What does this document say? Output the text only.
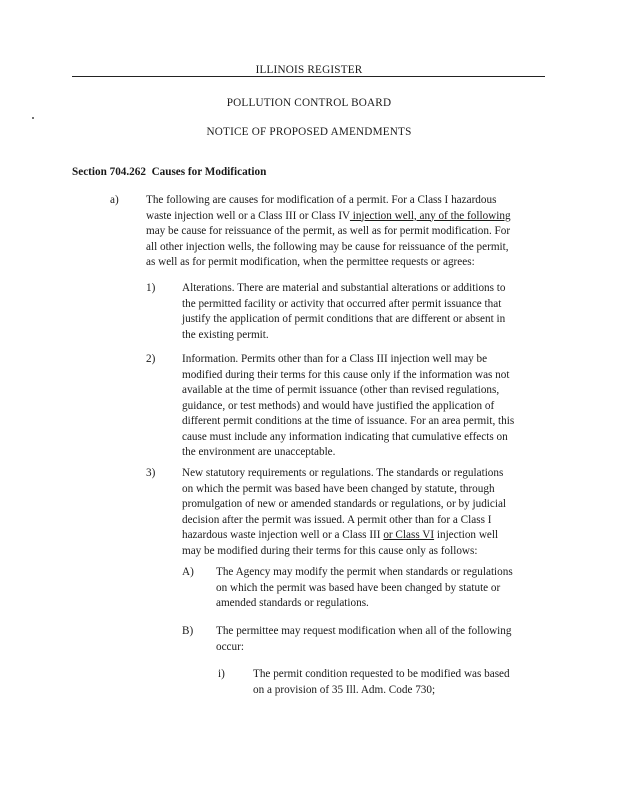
ILLINOIS REGISTER
POLLUTION CONTROL BOARD
NOTICE OF PROPOSED AMENDMENTS
Section 704.262 Causes for Modification
a) The following are causes for modification of a permit. For a Class I hazardous
waste injection well or a Class III or Class IV injection well, any of the following
may be cause for reissuance of the permit, as well as for permit modification. For
all other injection wells, the following may be cause for reissuance of the permit,
as well as for permit modification, when the permittee requests or agrees:
1) Alterations. There are material and substantial alterations or additions to
the permitted facility or activity that occurred after permit issuance that
justify the application of permit conditions that are different or absent in
the existing permit.
2) Information. Permits other than for a Class III injection well may be
modified during their terms for this cause only if the information was not
available at the time of permit issuance (other than revised regulations,
guidance, or test methods) and would have justified the application of
different permit conditions at the time of issuance. For an area permit, this
cause must include any information indicating that cumulative effects on
the environment are unacceptable.
3) New statutory requirements or regulations. The standards or regulations
on which the permit was based have been changed by statute, through
promulgation of new or amended standards or regulations, or by judicial
decision after the permit was issued. A permit other than for a Class I
hazardous waste injection well or a Class III or Class VI injection well
may be modified during their terms for this cause only as follows:
A) The Agency may modify the permit when standards or regulations
on which the permit was based have been changed by statute or
amended standards or regulations.
B) The permittee may request modification when all of the following
occur:
i)	The permit condition requested to be modified was based
on a provision of 35 Ill. Adm. Code 730;
